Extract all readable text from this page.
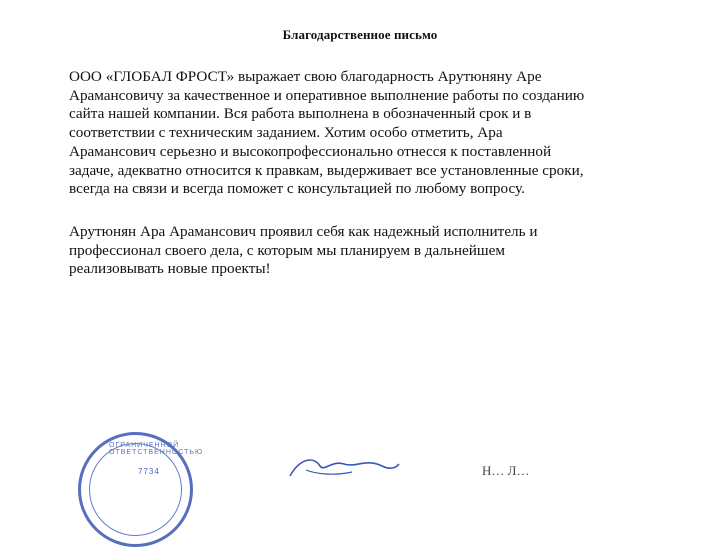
Благодарственное письмо
ООО «ГЛОБАЛ ФРОСТ» выражает свою благодарность Арутюняну Аре
Арамансовичу за качественное и оперативное выполнение работы по созданию
сайта нашей компании. Вся работа выполнена в обозначенный срок и в
соответствии с техническим заданием. Хотим особо отметить, Ара
Арамансович серьезно и высокопрофессионально отнесся к поставленной
задаче, адекватно относится к правкам, выдерживает все установленные сроки,
всегда на связи и всегда поможет с консультацией по любому вопросу.
Арутюнян Ара Арамансович проявил себя как надежный исполнитель и
профессионал своего дела, с которым мы планируем в дальнейшем
реализовывать новые проекты!
ОГРАНИЧЕННОЙ ОТВЕТСТВЕННОСТЬЮ
7734	Н… Л…
